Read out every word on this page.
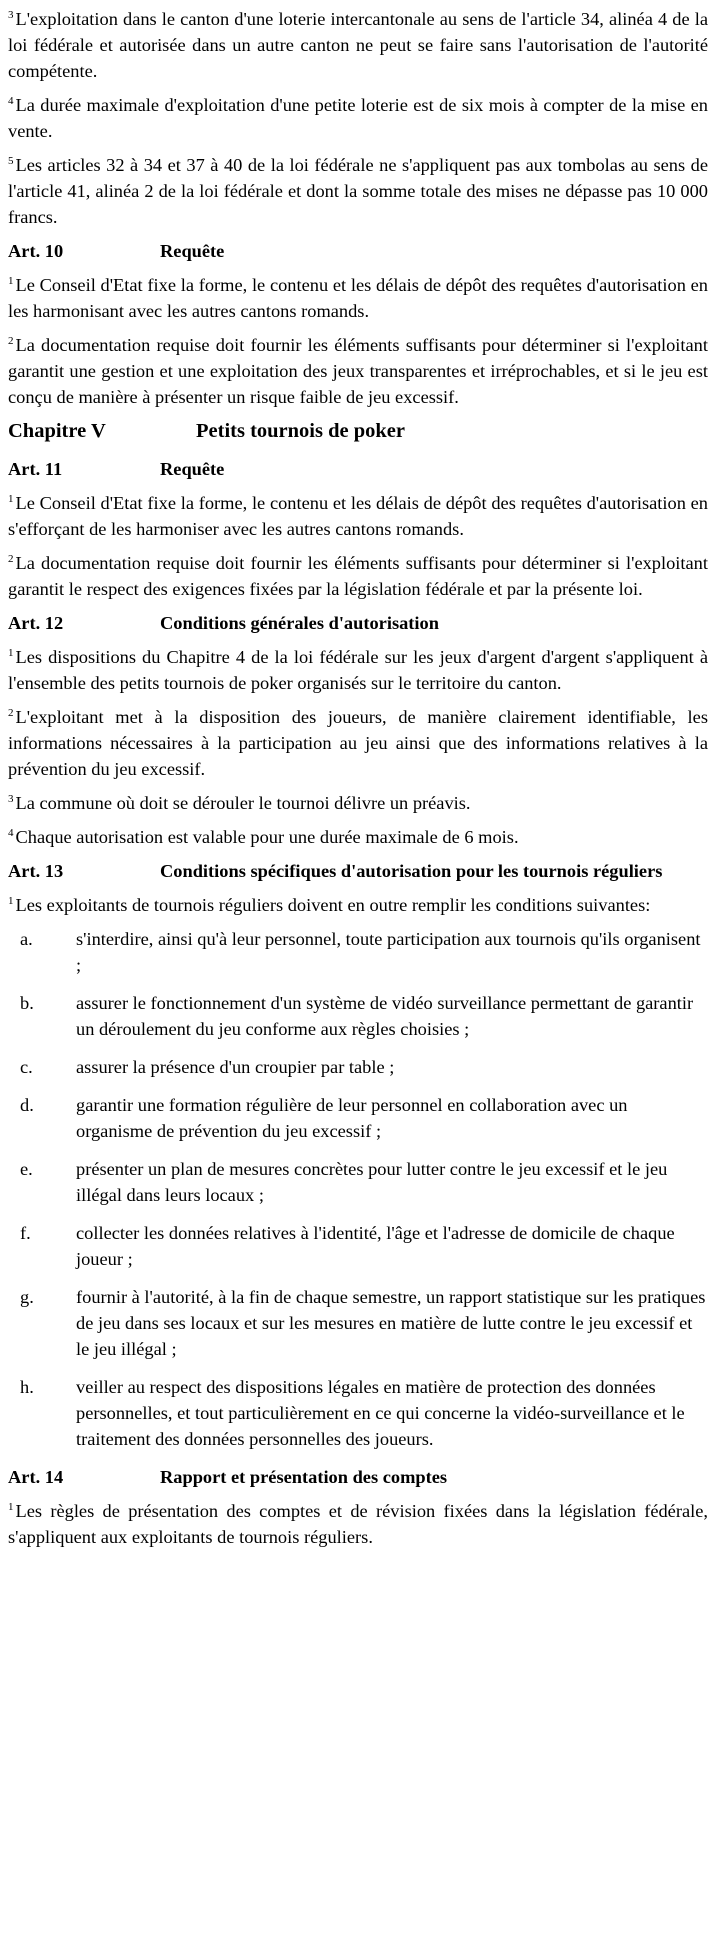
$^3$ L'exploitation dans le canton d'une loterie intercantonale au sens de l'article 34, alinéa 4 de la loi fédérale et autorisée dans un autre canton ne peut se faire sans l'autorisation de l'autorité compétente.

$^4$ La durée maximale d'exploitation d'une petite loterie est de six mois à compter de la mise en vente.

$^5$ Les articles 32 à 34 et 37 à 40 de la loi fédérale ne s'appliquent pas aux tombolas au sens de l'article 41, alinéa 2 de la loi fédérale et dont la somme totale des mises ne dépasse pas 10 000 francs.

Art. 10	Requête

$^1$ Le Conseil d'Etat fixe la forme, le contenu et les délais de dépôt des requêtes d'autorisation en les harmonisant avec les autres cantons romands.

$^2$ La documentation requise doit fournir les éléments suffisants pour déterminer si l'exploitant garantit une gestion et une exploitation des jeux transparentes et irréprochables, et si le jeu est conçu de manière à présenter un risque faible de jeu excessif.

Chapitre V	Petits tournois de poker
Art. 11	Requête

$^1$ Le Conseil d'Etat fixe la forme, le contenu et les délais de dépôt des requêtes d'autorisation en s'efforçant de les harmoniser avec les autres cantons romands.

$^2$ La documentation requise doit fournir les éléments suffisants pour déterminer si l'exploitant garantit le respect des exigences fixées par la législation fédérale et par la présente loi.

Art. 12	Conditions générales d'autorisation

$^1$ Les dispositions du Chapitre 4 de la loi fédérale sur les jeux d'argent d'argent s'appliquent à l'ensemble des petits tournois de poker organisés sur le territoire du canton.

$^2$ L'exploitant met à la disposition des joueurs, de manière clairement identifiable, les informations nécessaires à la participation au jeu ainsi que des informations relatives à la prévention du jeu excessif.

$^3$ La commune où doit se dérouler le tournoi délivre un préavis.

$^4$ Chaque autorisation est valable pour une durée maximale de 6 mois.

Art. 13	Conditions spécifiques d'autorisation pour les tournois réguliers

$^1$ Les exploitants de tournois réguliers doivent en outre remplir les conditions suivantes:

a.	s'interdire, ainsi qu'à leur personnel, toute participation aux tournois qu'ils organisent ;
b.	assurer le fonctionnement d'un système de vidéo surveillance permettant de garantir un déroulement du jeu conforme aux règles choisies ;
c.	assurer la présence d'un croupier par table ;
d.	garantir une formation régulière de leur personnel en collaboration avec un organisme de prévention du jeu excessif ;
e.	présenter un plan de mesures concrètes pour lutter contre le jeu excessif et le jeu illégal dans leurs locaux ;
f.	collecter les données relatives à l'identité, l'âge et l'adresse de domicile de chaque joueur ;
g.	fournir à l'autorité, à la fin de chaque semestre, un rapport statistique sur les pratiques de jeu dans ses locaux et sur les mesures en matière de lutte contre le jeu excessif et le jeu illégal ;
h.	veiller au respect des dispositions légales en matière de protection des données personnelles, et tout particulièrement en ce qui concerne la vidéo-surveillance et le traitement des données personnelles des joueurs.
Art. 14	Rapport et présentation des comptes

$^1$ Les règles de présentation des comptes et de révision fixées dans la législation fédérale, s'appliquent aux exploitants de tournois réguliers.
